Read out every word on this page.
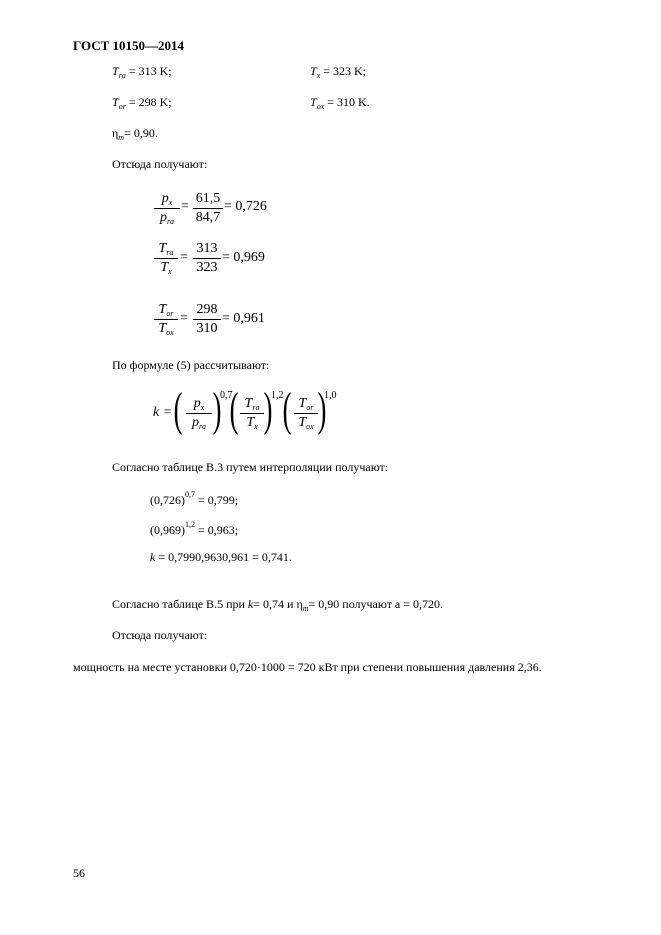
ГОСТ 10150—2014
$T_{ra} = 313$ K;	$T_x = 323$ K;
$T_{or} = 298$ K;	$T_{ox} = 310$ K.
$\eta_m= 0,90$.
Отсюда получают:
$p_x$
$p_{ra}$
=
61,5
84,7
= 0,726
$T_{ra}$
$T_x$
=
313
323
= 0,969
$T_{or}$
$T_{ox}$
=
298
310
= 0,961
По формуле (5) рассчитывают:
k = ( $p_x$
$p_{ra}$ )
0,7
( $T_{ra}$
$T_x$ )
1,2 ( $T_{or}$
$T_{ox}$ )
1,0
Согласно таблице В.3 путем интерполяции получают:
$(0,726)^{0,7} = 0,799$;
$(0,969)^{1,2} = 0,963$;
k = 0,7990,9630,961 = 0,741.
Согласно таблице В.5 при k= 0,74 и $\eta_m= 0,90$ получают a = 0,720.
Отсюда получают:
мощность на месте установки 0,720·1000 = 720 кВт при степени повышения давления 2,36.
56
